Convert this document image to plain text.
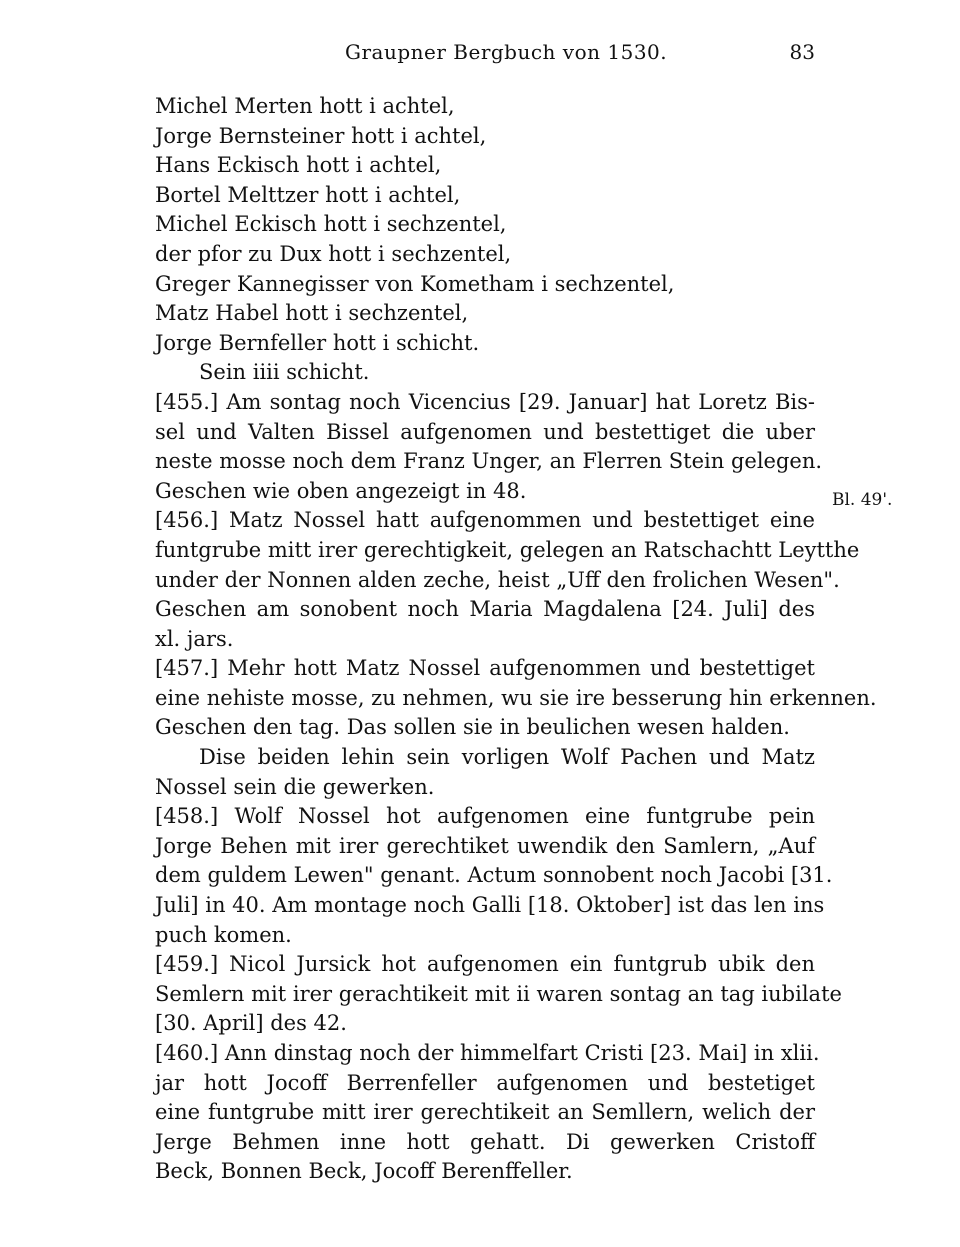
Graupner Bergbuch von 1530.	83
Michel Merten hott i achtel,
Jorge Bernsteiner hott i achtel,
Hans Eckisch hott i achtel,
Bortel Melttzer hott i achtel,
Michel Eckisch hott i sechzentel,
der pfor zu Dux hott i sechzentel,
Greger Kannegisser von Kometham i sechzentel,
Matz Habel hott i sechzentel,
Jorge Bernfeller hott i schicht.
Sein iiii schicht.
[455.] Am sontag noch Vicencius [29. Januar] hat Loretz Bis-
sel und Valten Bissel aufgenomen und bestettiget die uber
neste mosse noch dem Franz Unger, an Flerren Stein gelegen.
Geschen wie oben angezeigt in 48.
[456.] Matz Nossel hatt aufgenommen und bestettiget eine
funtgrube mitt irer gerechtigkeit, gelegen an Ratschachtt Leytthe
under der Nonnen alden zeche, heist „Uff den frolichen Wesen".
Geschen am sonobent noch Maria Magdalena [24. Juli] des
xl. jars.
[457.] Mehr hott Matz Nossel aufgenommen und bestettiget
eine nehiste mosse, zu nehmen, wu sie ire besserung hin erkennen.
Geschen den tag. Das sollen sie in beulichen wesen halden.
Dise beiden lehin sein vorligen Wolf Pachen und Matz
Nossel sein die gewerken.
[458.] Wolf Nossel hot aufgenomen eine funtgrube pein
Jorge Behen mit irer gerechtiket uwendik den Samlern, „Auf
dem guldem Lewen" genant. Actum sonnobent noch Jacobi [31.
Juli] in 40. Am montage noch Galli [18. Oktober] ist das len ins
puch komen.
[459.] Nicol Jursick hot aufgenomen ein funtgrub ubik den
Semlern mit irer gerachtikeit mit ii waren sontag an tag iubilate
[30. April] des 42.
[460.] Ann dinstag noch der himmelfart Cristi [23. Mai] in xlii.
jar hott Jocoff Berrenfeller aufgenomen und bestetiget
eine funtgrube mitt irer gerechtikeit an Semllern, welich der
Jerge Behmen inne hott gehatt. Di gewerken Cristoff
Beck, Bonnen Beck, Jocoff Berenffeller.
Bl. 49'.
